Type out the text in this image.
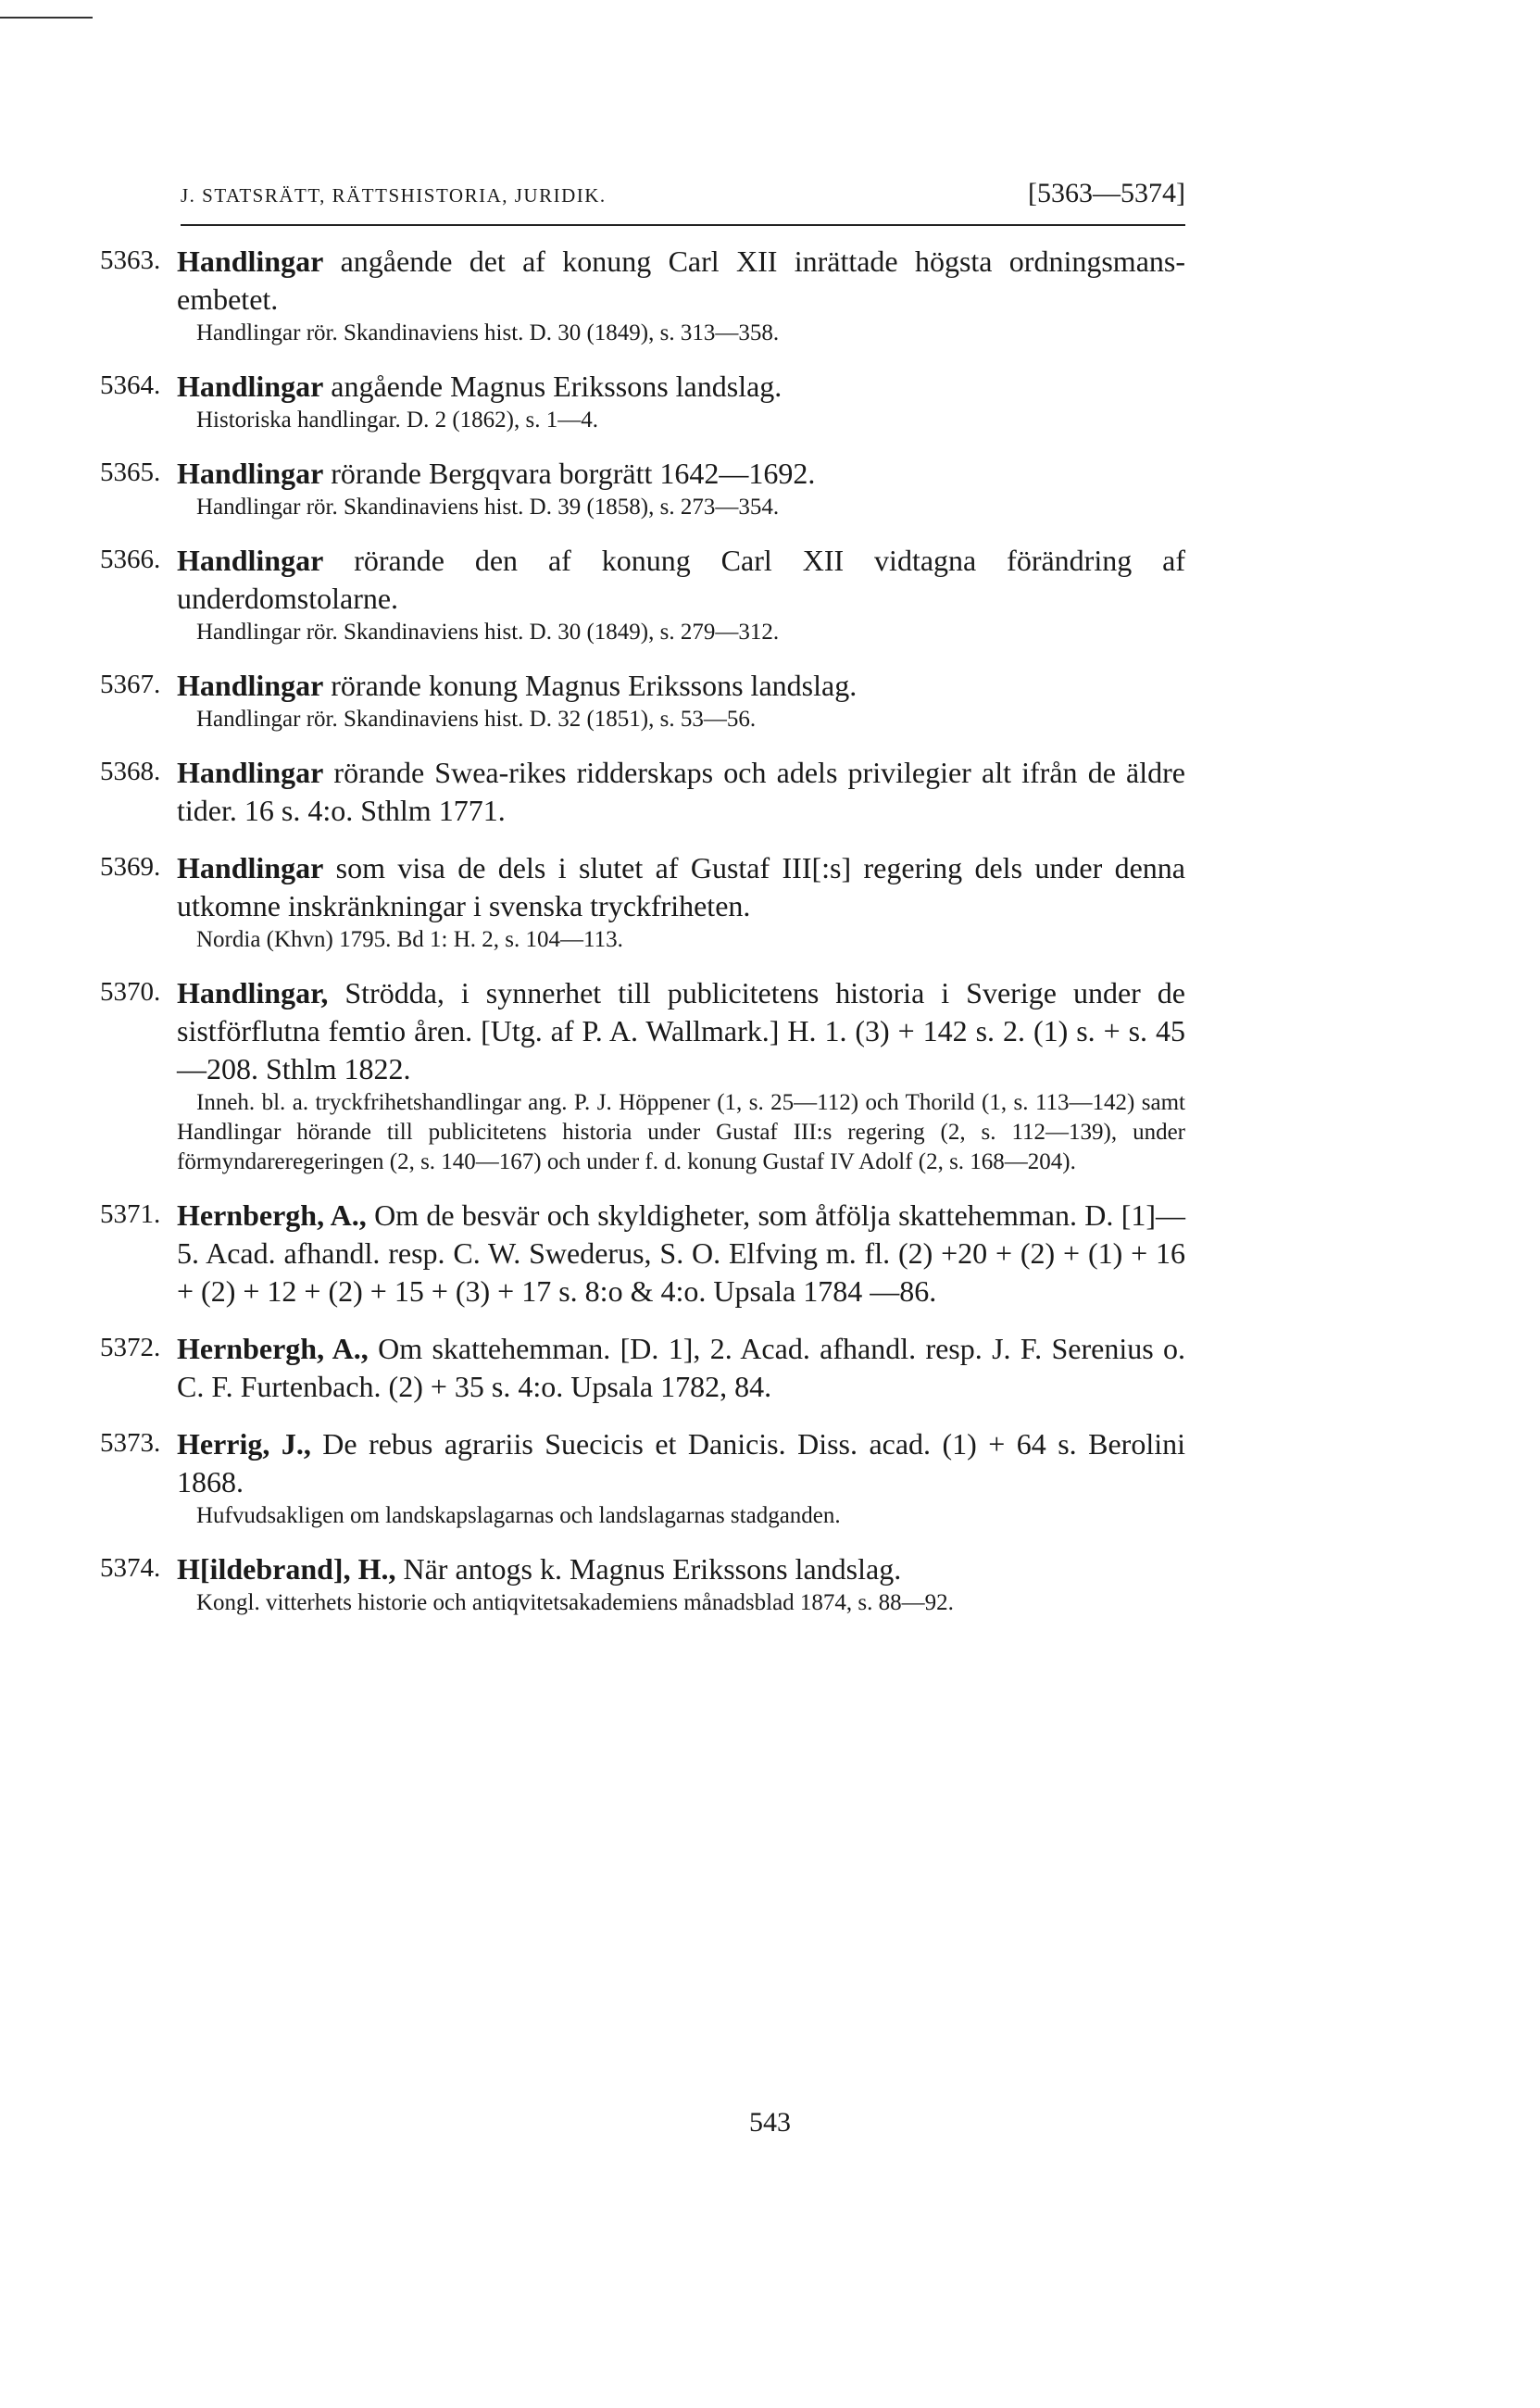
J. STATSRÄTT, RÄTTSHISTORIA, JURIDIK.	[5363—5374]
5363. Handlingar angående det af konung Carl XII inrättade högsta ordningsmans-embetet.
Handlingar rör. Skandinaviens hist. D. 30 (1849), s. 313—358.
5364. Handlingar angående Magnus Erikssons landslag.
Historiska handlingar. D. 2 (1862), s. 1—4.
5365. Handlingar rörande Bergqvara borgrätt 1642—1692.
Handlingar rör. Skandinaviens hist. D. 39 (1858), s. 273—354.
5366. Handlingar rörande den af konung Carl XII vidtagna förändring af underdomstolarne.
Handlingar rör. Skandinaviens hist. D. 30 (1849), s. 279—312.
5367. Handlingar rörande konung Magnus Erikssons landslag.
Handlingar rör. Skandinaviens hist. D. 32 (1851), s. 53—56.
5368. Handlingar rörande Swea-rikes ridderskaps och adels privilegier alt ifrån de äldre tider. 16 s. 4:o. Sthlm 1771.
5369. Handlingar som visa de dels i slutet af Gustaf III[:s] regering dels under denna utkomne inskränkningar i svenska tryckfriheten.
Nordia (Khvn) 1795. Bd 1: H. 2, s. 104—113.
5370. Handlingar, Strödda, i synnerhet till publicitetens historia i Sverige under de sistförflutna femtio åren. [Utg. af P. A. Wallmark.] H. 1. (3) + 142 s. 2. (1) s. + s. 45—208. Sthlm 1822.
Inneh. bl. a. tryckfrihetshandlingar ang. P. J. Höppener (1, s. 25—112) och Thorild (1, s. 113—142) samt Handlingar hörande till publicitetens historia under Gustaf III:s regering (2, s. 112—139), under förmyndareregeringen (2, s. 140—167) och under f. d. konung Gustaf IV Adolf (2, s. 168—204).
5371. Hernbergh, A., Om de besvär och skyldigheter, som åtfölja skattehemman. D. [1]—5. Acad. afhandl. resp. C. W. Swederus, S. O. Elfving m. fl. (2) +20 + (2) + (1) + 16 + (2) + 12 + (2) + 15 + (3) + 17 s. 8:o & 4:o. Upsala 1784 —86.
5372. Hernbergh, A., Om skattehemman. [D. 1], 2. Acad. afhandl. resp. J. F. Serenius o. C. F. Furtenbach. (2) + 35 s. 4:o. Upsala 1782, 84.
5373. Herrig, J., De rebus agrariis Suecicis et Danicis. Diss. acad. (1) + 64 s. Berolini 1868.
Hufvudsakligen om landskapslagarnas och landslagarnas stadganden.
5374. H[ildebrand], H., När antogs k. Magnus Erikssons landslag.
Kongl. vitterhets historie och antiqvitetsakademiens månadsblad 1874, s. 88—92.
543
